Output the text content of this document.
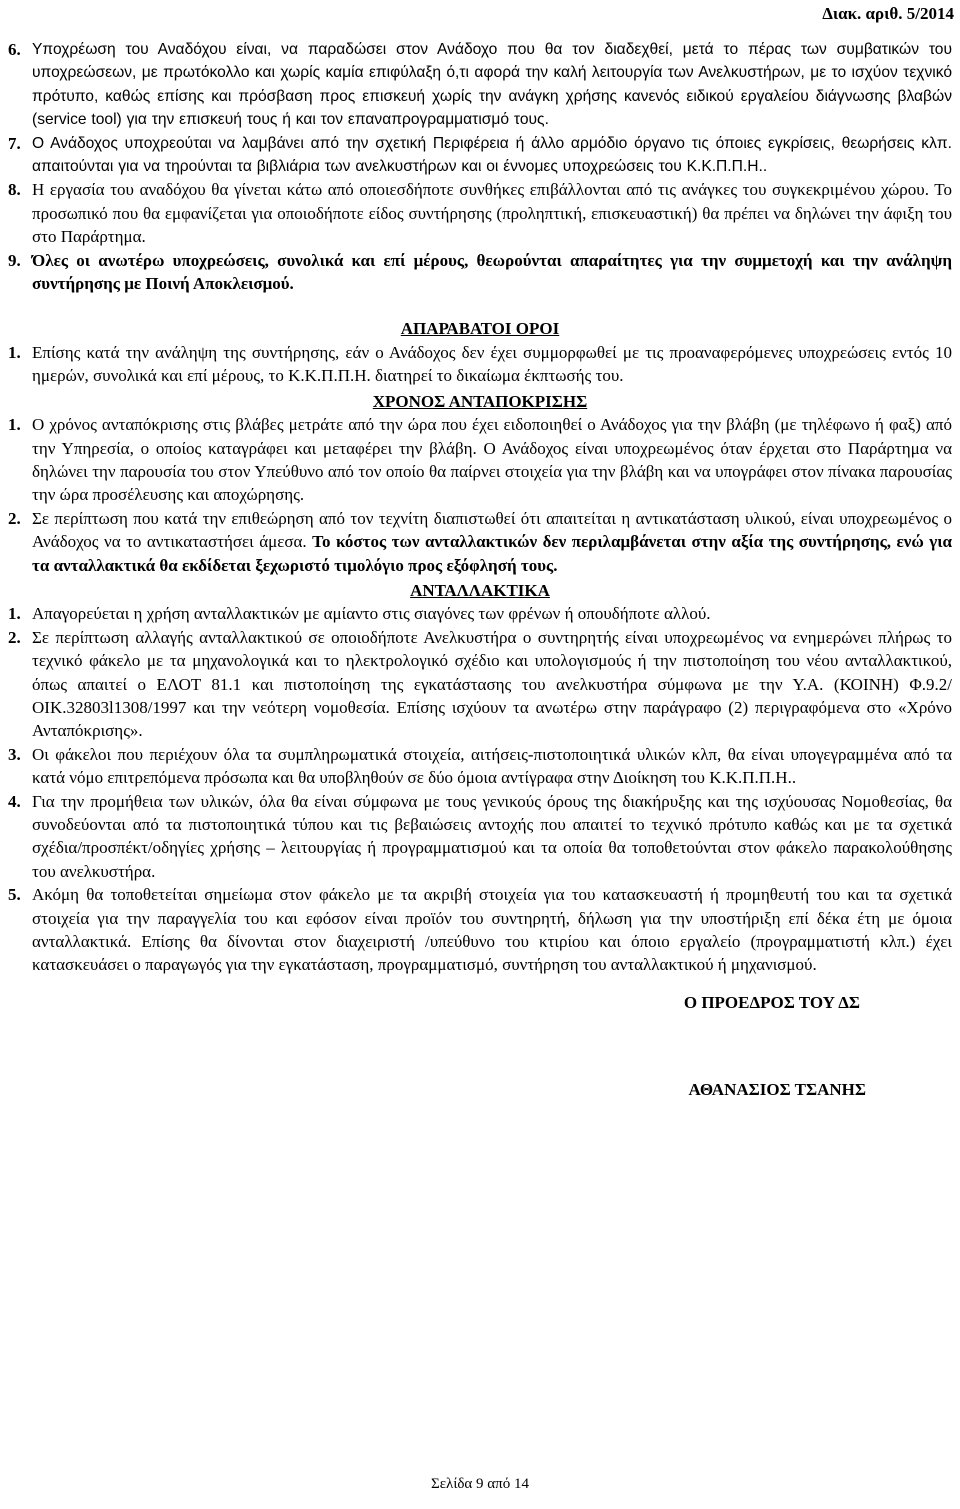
Διακ. αριθ. 5/2014
6. Υποχρέωση του Αναδόχου είναι, να παραδώσει στον Ανάδοχο που θα τον διαδεχθεί, μετά το πέρας των συμβατικών του υποχρεώσεων, με πρωτόκολλο και χωρίς καμία επιφύλαξη ό,τι αφορά την καλή λειτουργία των Ανελκυστήρων, με το ισχύον τεχνικό πρότυπο, καθώς επίσης και πρόσβαση προς επισκευή χωρίς την ανάγκη χρήσης κανενός ειδικού εργαλείου διάγνωσης βλαβών (service tool) για την επισκευή τους ή και τον επαναπρογραμματισμό τους.
7. Ο Ανάδοχος υποχρεούται να λαμβάνει από την σχετική Περιφέρεια ή άλλο αρμόδιο όργανο τις όποιες εγκρίσεις, θεωρήσεις κλπ. απαιτούνται για να τηρούνται τα βιβλιάρια των ανελκυστήρων και οι έννομες υποχρεώσεις του Κ.Κ.Π.Π.Η..
8. Η εργασία του αναδόχου θα γίνεται κάτω από οποιεσδήποτε συνθήκες επιβάλλονται από τις ανάγκες του συγκεκριμένου χώρου. Το προσωπικό που θα εμφανίζεται για οποιοδήποτε είδος συντήρησης (προληπτική, επισκευαστική) θα πρέπει να δηλώνει την άφιξη του στο Παράρτημα.
9. Όλες οι ανωτέρω υποχρεώσεις, συνολικά και επί μέρους, θεωρούνται απαραίτητες για την συμμετοχή και την ανάληψη συντήρησης με Ποινή Αποκλεισμού.
ΑΠΑΡΑΒΑΤΟΙ ΟΡΟΙ
1. Επίσης κατά την ανάληψη της συντήρησης, εάν ο Ανάδοχος δεν έχει συμμορφωθεί με τις προαναφερόμενες υποχρεώσεις εντός 10 ημερών, συνολικά και επί μέρους, το Κ.Κ.Π.Π.Η. διατηρεί το δικαίωμα έκπτωσής του.
ΧΡΟΝΟΣ ΑΝΤΑΠΟΚΡΙΣΗΣ
1. Ο χρόνος ανταπόκρισης στις βλάβες μετράτε από την ώρα που έχει ειδοποιηθεί ο Ανάδοχος για την βλάβη (με τηλέφωνο ή φαξ) από την Υπηρεσία, ο οποίος καταγράφει και μεταφέρει την βλάβη. Ο Ανάδοχος είναι υποχρεωμένος όταν έρχεται στο Παράρτημα να δηλώνει την παρουσία του στον Υπεύθυνο από τον οποίο θα παίρνει στοιχεία για την βλάβη και να υπογράφει στον πίνακα παρουσίας την ώρα προσέλευσης και αποχώρησης.
2. Σε περίπτωση που κατά την επιθεώρηση από τον τεχνίτη διαπιστωθεί ότι απαιτείται η αντικατάσταση υλικού, είναι υποχρεωμένος ο Ανάδοχος να το αντικαταστήσει άμεσα. Το κόστος των ανταλλακτικών δεν περιλαμβάνεται στην αξία της συντήρησης, ενώ για τα ανταλλακτικά θα εκδίδεται ξεχωριστό τιμολόγιο προς εξόφλησή τους.
ΑΝΤΑΛΛΑΚΤΙΚΑ
1. Απαγορεύεται η χρήση ανταλλακτικών με αμίαντο στις σιαγόνες των φρένων ή οπουδήποτε αλλού.
2. Σε περίπτωση αλλαγής ανταλλακτικού σε οποιοδήποτε Ανελκυστήρα ο συντηρητής είναι υποχρεωμένος να ενημερώνει πλήρως το τεχνικό φάκελο με τα μηχανολογικά και το ηλεκτρολογικό σχέδιο και υπολογισμούς ή την πιστοποίηση του νέου ανταλλακτικού, όπως απαιτεί ο ΕΛΟΤ 81.1 και πιστοποίηση της εγκατάστασης του ανελκυστήρα σύμφωνα με την Υ.Α. (ΚΟΙΝΗ) Φ.9.2/ΟΙΚ.32803l1308/1997 και την νεότερη νομοθεσία. Επίσης ισχύουν τα ανωτέρω στην παράγραφο (2) περιγραφόμενα στο «Χρόνο Ανταπόκρισης».
3. Οι φάκελοι που περιέχουν όλα τα συμπληρωματικά στοιχεία, αιτήσεις-πιστοποιητικά υλικών κλπ, θα είναι υπογεγραμμένα από τα κατά νόμο επιτρεπόμενα πρόσωπα και θα υποβληθούν σε δύο όμοια αντίγραφα στην Διοίκηση του Κ.Κ.Π.Π.Η..
4. Για την προμήθεια των υλικών, όλα θα είναι σύμφωνα με τους γενικούς όρους της διακήρυξης και της ισχύουσας Νομοθεσίας, θα συνοδεύονται από τα πιστοποιητικά τύπου και τις βεβαιώσεις αντοχής που απαιτεί το τεχνικό πρότυπο καθώς και με τα σχετικά σχέδια/προσπέκτ/οδηγίες χρήσης – λειτουργίας ή προγραμματισμού και τα οποία θα τοποθετούνται στον φάκελο παρακολούθησης του ανελκυστήρα.
5. Ακόμη θα τοποθετείται σημείωμα στον φάκελο με τα ακριβή στοιχεία για του κατασκευαστή ή προμηθευτή του και τα σχετικά στοιχεία για την παραγγελία του και εφόσον είναι προϊόν του συντηρητή, δήλωση για την υποστήριξη επί δέκα έτη με όμοια ανταλλακτικά. Επίσης θα δίνονται στον διαχειριστή /υπεύθυνο του κτιρίου και όποιο εργαλείο (προγραμματιστή κλπ.) έχει κατασκευάσει ο παραγωγός για την εγκατάσταση, προγραμματισμό, συντήρηση του ανταλλακτικού ή μηχανισμού.
Ο ΠΡΟΕΔΡΟΣ ΤΟΥ ΔΣ
ΑΘΑΝΑΣΙΟΣ ΤΣΑΝΗΣ
Σελίδα 9 από 14
